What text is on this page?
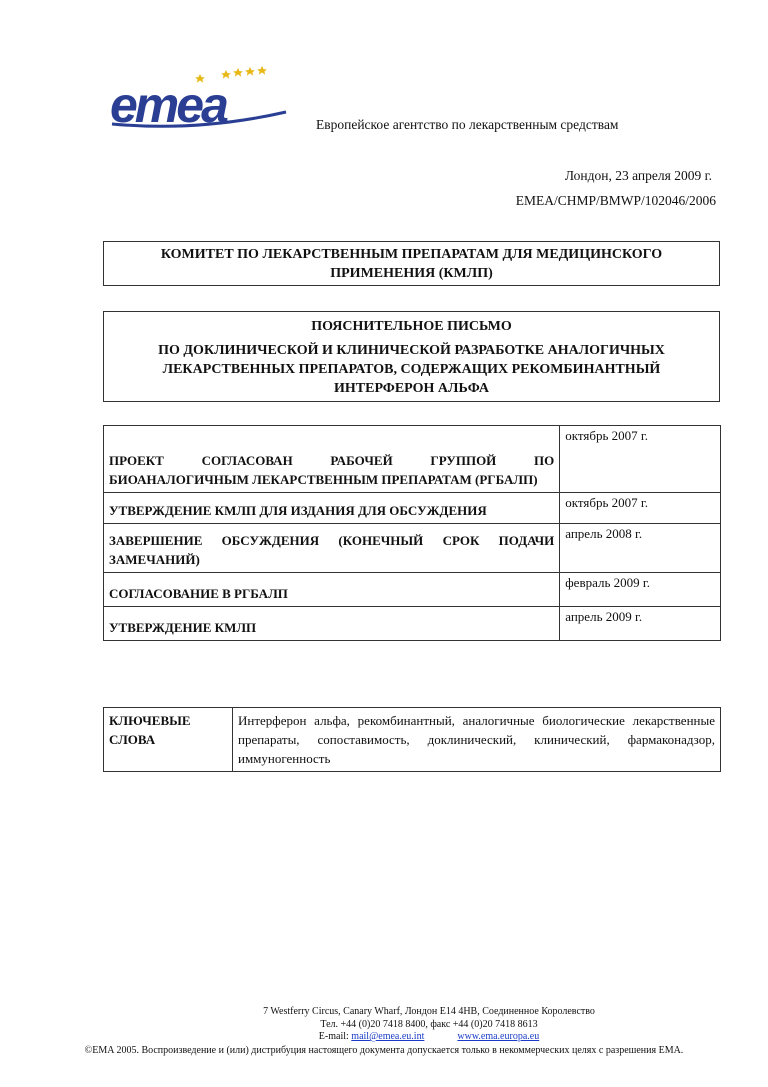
emea	Европейское агентство по лекарственным средствам
Лондон, 23 апреля 2009 г.
EMEA/CHMP/BMWP/102046/2006
КОМИТЕТ ПО ЛЕКАРСТВЕННЫМ ПРЕПАРАТАМ ДЛЯ МЕДИЦИНСКОГО
ПРИМЕНЕНИЯ (КМЛП)
ПОЯСНИТЕЛЬНОЕ ПИСЬМО
ПО ДОКЛИНИЧЕСКОЙ И КЛИНИЧЕСКОЙ РАЗРАБОТКЕ АНАЛОГИЧНЫХ
ЛЕКАРСТВЕННЫХ ПРЕПАРАТОВ, СОДЕРЖАЩИХ РЕКОМБИНАНТНЫЙ
ИНТЕРФЕРОН АЛЬФА
ПРОЕКТ СОГЛАСОВАН РАБОЧЕЙ ГРУППОЙ ПО БИОАНАЛОГИЧНЫМ ЛЕКАРСТВЕННЫМ ПРЕПАРАТАМ (РГБАЛП)	октябрь 2007 г.
УТВЕРЖДЕНИЕ КМЛП ДЛЯ ИЗДАНИЯ ДЛЯ ОБСУЖДЕНИЯ	октябрь 2007 г.
ЗАВЕРШЕНИЕ ОБСУЖДЕНИЯ (КОНЕЧНЫЙ СРОК ПОДАЧИ ЗАМЕЧАНИЙ)	апрель 2008 г.
СОГЛАСОВАНИЕ В РГБАЛП	февраль 2009 г.
УТВЕРЖДЕНИЕ КМЛП	апрель 2009 г.
КЛЮЧЕВЫЕ СЛОВА	Интерферон альфа, рекомбинантный, аналогичные биологические лекарственные препараты, сопоставимость, доклинический, клинический, фармаконадзор, иммуногенность
7 Westferry Circus, Canary Wharf, Лондон E14 4HB, Соединенное Королевство
Тел. +44 (0)20 7418 8400, факс +44 (0)20 7418 8613
E-mail: mail@emea.eu.int	www.ema.europa.eu
©EMA 2005. Воспроизведение и (или) дистрибуция настоящего документа допускается только в некоммерческих целях с разрешения EMA.
